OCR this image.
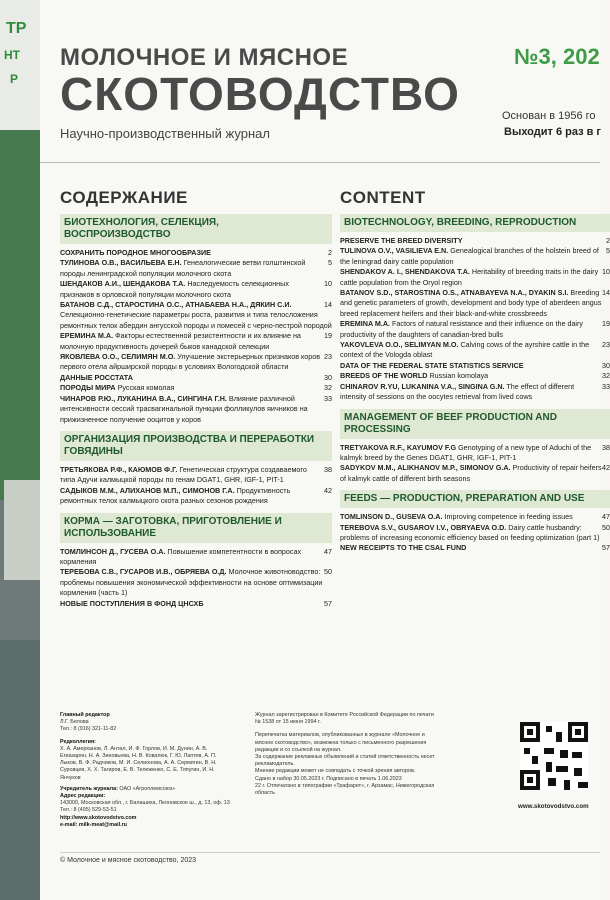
ТР
НТ
Р
МОЛОЧНОЕ И МЯСНОЕ
СКОТОВОДСТВО
Научно-производственный журнал
№3, 202
Основан в 1956 го
Выходит 6 раз в г
СОДЕРЖАНИЕ
БИОТЕХНОЛОГИЯ, СЕЛЕКЦИЯ, ВОСПРОИЗВОДСТВО
2
СОХРАНИТЬ ПОРОДНОЕ МНОГООБРАЗИЕ
5
ТУЛИНОВА О.В., ВАСИЛЬЕВА Е.Н. Генеалогические ветви голштинской породы ленинградской популяции молочного скота
10
ШЕНДАКОВ А.И., ШЕНДАКОВА Т.А. Наследуемость селекционных признаков в орловской популяции молочного скота
14
БАТАНОВ С.Д., СТАРОСТИНА О.С., АТНАБАЕВА Н.А., ДЯКИН С.И. Селекционно-генетические параметры роста, развития и типа телосложения ремонтных телок абердин ангусской породы и помесей с черно-пестрой породой
19
ЕРЕМИНА М.А. Факторы естественной резистентности и их влияние на молочную продуктивность дочерей быков канадской селекции
23
ЯКОВЛЕВА О.О., СЕЛИМЯН М.О. Улучшение экстерьерных признаков коров первого отела айрширской породы в условиях Вологодской области
30
ДАННЫЕ РОССТАТА
32
ПОРОДЫ МИРА Русская комолая
33
ЧИНАРОВ Р.Ю., ЛУКАНИНА В.А., СИНГИНА Г.Н. Влияние различной интенсивности сессий трасвагинальной пункции фолликулов яичников на прижизненное получение ооцитов у коров
ОРГАНИЗАЦИЯ ПРОИЗВОДСТВА И ПЕРЕРАБОТКИ ГОВЯДИНЫ
38
ТРЕТЬЯКОВА Р.Ф., КАЮМОВ Ф.Г. Генетическая структура создаваемого типа Адучи калмыцкой породы по генам DGAT1, GHR, IGF-1, PIT-1
42
САДЫКОВ М.М., АЛИХАНОВ М.П., СИМОНОВ Г.А. Продуктивность ремонтных телок калмыцкого скота разных сезонов рождения
КОРМА — ЗАГОТОВКА, ПРИГОТОВЛЕНИЕ И ИСПОЛЬЗОВАНИЕ
47
ТОМЛИНСОН Д., ГУСЕВА О.А. Повышение компетентности в вопросах кормления
50
ТЕРЕБОВА С.В., ГУСАРОВ И.В., ОБРЯЕВА О.Д. Молочное животноводство: проблемы повышения экономической эффективности на основе оптимизации кормления (часть 1)
57
НОВЫЕ ПОСТУПЛЕНИЯ В ФОНД ЦНСХБ
CONTENT
BIOTECHNOLOGY, BREEDING, REPRODUCTION
2
PRESERVE THE BREED DIVERSITY
5
TULINOVA O.V., VASILIEVA E.N. Genealogical branches of the holstein breed of the leningrad dairy cattle population
10
SHENDAKOV A. I., SHENDAKOVA T.A. Heritability of breeding traits in the dairy cattle population from the Oryol region
14
BATANOV S.D., STAROSTINA O.S., ATNABAYEVA N.A., DYAKIN S.I. Breeding and genetic parameters of growth, development and body type of aberdeen angus breed replacement heifers and their black-and-white crossbreeds
19
EREMINA M.A. Factors of natural resistance and their influence on the dairy productivity of the daughters of canadian-bred bulls
23
YAKOVLEVA O.O., SELIMYAN M.O. Calving cows of the ayrshire cattle in the context of the Vologda oblast
30
DATA OF THE FEDERAL STATE STATISTICS SERVICE
32
BREEDS OF THE WORLD Russian komolaya
33
CHINAROV R.YU, LUKANINA V.A., SINGINA G.N. The effect of different intensity of sessions on the oocytes retrieval from lived cows
MANAGEMENT OF BEEF PRODUCTION AND PROCESSING
38
TRETYAKOVA R.F., KAYUMOV F.G Genotyping of a new type of Aduchi of the kalmyk breed by the Genes DGAT1, GHR, IGF-1, PIT-1
42
SADYKOV M.M., ALIKHANOV M.P., SIMONOV G.A. Productivity of repair heifers of kalmyk cattle of different birth seasons
FEEDS — PRODUCTION, PREPARATION AND USE
47
TOMLINSON D., GUSEVA O.A. Improving competence in feeding issues
50
TEREBOVA S.V., GUSAROV I.V., OBRYAEVA O.D. Dairy cattle husbandry: problems of increasing economic efficiency based on feeding optimization (part 1)
57
NEW RECEIPTS TO THE CSAL FUND
Главный редактор
Л.Г. Белова
Тел.: 8 (916) 321-11-82
Редколлегия:
Х. А. Амерханов, Л. Антал, И. Ф. Горлов, И. М. Дунин, А. В. Егиазарян, Н. А. Зиновьева, Н. В. Ковалюк, Г. Ю. Лаптев, А. П. Лыков, В. Ф. Радчиков, М. И. Селионова, А. А. Сермягин, В. Н. Суровцев, Х. Х. Тагиров, Е. В. Тележенко, С. Е. Тяпугин, И. Н. Янчуков
Учредитель журнала: ОАО «Агроплемсоюз»
Адрес редакции:
143000, Московская обл., г. Балашиха, Леоновское ш., д. 13, оф. 13
Тел.: 8 (495) 529-53-51
http://www.skotovodstvo.com
e-mail: milk-meat@mail.ru
Журнал зарегистрирован в Комитете Российской Федерации по печати № 1538 от 15 июня 1994 г.
Перепечатка материалов, опубликованных в журнале «Молочное и мясное скотоводство», возможна только с письменного разрешения редакции и со ссылкой на журнал.
За содержание рекламных объявлений и статей ответственность несет рекламодатель.
Мнение редакции может не совпадать с точкой зрения авторов.
Сдано в набор 30.05.2023 г. Подписано в печать 1.06.2023
22 г. Отпечатано в типографии «Трафарет», г. Арзамас, Нижегородская область
www.skotovodstvo.com
© Молочное и мясное скотоводство, 2023
